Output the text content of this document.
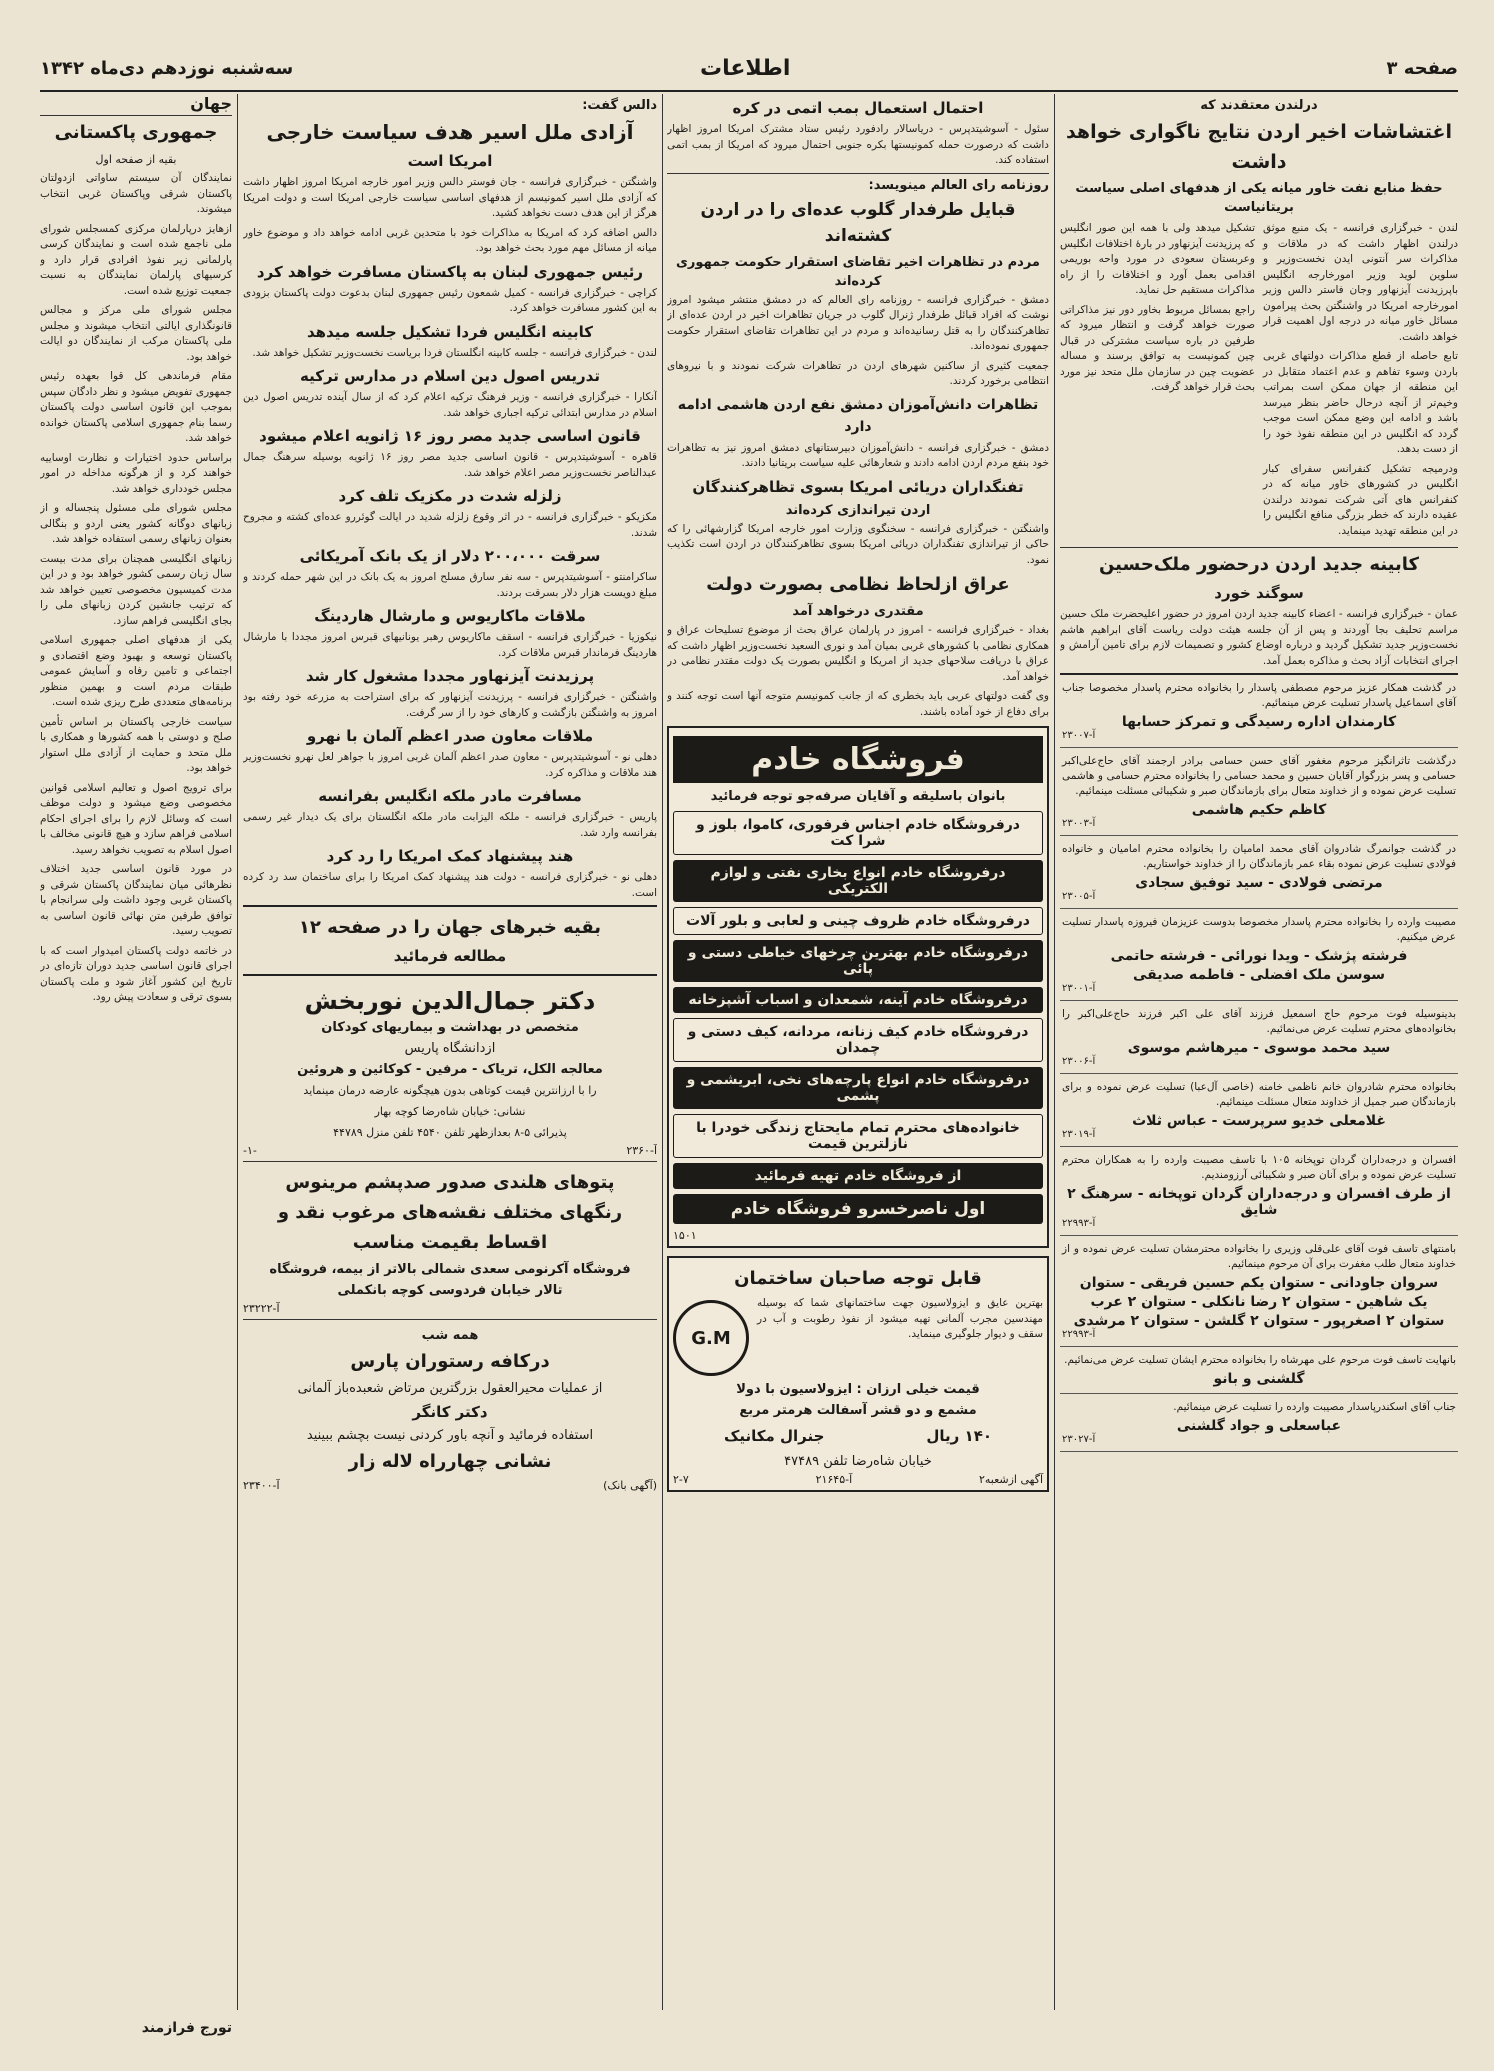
سه‌شنبه نوزدهم دی‌ماه ۱۳۴۲	اطلاعات	صفحه ۳
درلندن معتقدند که
اغتشاشات اخیر اردن نتایج ناگواری خواهد داشت
حفظ منابع نفت خاور میانه یکی از هدفهای اصلی سیاست بریتانیاست

لندن - خبرگزاری فرانسه - یک منبع موثق درلندن اظهار داشت که در ملاقات و مذاکرات سر آنتونی ایدن نخست‌وزیر و سلوین لوید وزیر امورخارجه انگلیس باپرزیدنت آیزنهاور وجان فاستر دالس وزیر امورخارجه امریکا در واشنگتن بحث پیرامون مسائل خاور میانه در درجه اول اهمیت قرار خواهد داشت.

تابع حاصله از قطع مذاکرات دولتهای غربی باردن وسوء تفاهم و عدم اعتماد متقابل در این منطقه از جهان ممکن است بمراتب وخیم‌تر از آنچه درحال حاضر بنظر میرسد باشد و ادامه این وضع ممکن است موجب گردد که انگلیس در این منطقه نفوذ خود را از دست بدهد.

ودرمیجه تشکیل کنفرانس سفرای کبار انگلیس در کشورهای خاور میانه که در کنفرانس های آتی شرکت نمودند درلندن عقیده دارند که خطر بزرگی منافع انگلیس را در این منطقه تهدید مینماید.

تشکیل میدهد ولی با همه این صور انگلیس که پرزیدنت آیزنهاور در بارهٔ اختلافات انگلیس وعربستان سعودی در مورد واحه بوریمی اقدامی بعمل آورد و اختلافات را از راه مذاکرات مستقیم حل نماید.

راجع بمسائل مربوط بخاور دور نیز مذاکراتی صورت خواهد گرفت و انتظار میرود که طرفین در باره سیاست مشترکی در قبال چین کمونیست به توافق برسند و مساله عضویت چین در سازمان ملل متحد نیز مورد بحث قرار خواهد گرفت.

کابینه جدید اردن درحضور ملک‌حسین
سوگند خورد

عمان - خبرگزاری فرانسه - اعضاء کابینه جدید اردن امروز در حضور اعلیحضرت ملک حسین مراسم تحلیف بجا آوردند و پس از آن جلسه هیئت دولت ریاست آقای ابراهیم هاشم نخست‌وزیر جدید تشکیل گردید و درباره اوضاع کشور و تصمیمات لازم برای تامین آرامش و اجرای انتخابات آزاد بحث و مذاکره بعمل آمد.

در گذشت همکار عزیز مرحوم مصطفی پاسدار را بخانواده محترم پاسدار مخصوصا جناب آقای اسماعیل پاسدار تسلیت عرض مینمائیم.
کارمندان اداره رسیدگی و تمرکز حسابها
آ-۲۳۰۰۷
درگذشت تاثرانگیز مرحوم مغفور آقای حسن حسامی برادر ارجمند آقای حاج‌علی‌اکبر حسامی و پسر بزرگوار آقایان حسین و محمد حسامی را بخانواده محترم حسامی و هاشمی تسلیت عرض نموده و از خداوند متعال برای بازماندگان صبر و شکیبائی مسئلت مینمائیم.
کاظم حکیم هاشمی
آ-۲۳۰۰۳
در گذشت جوانمرگ شادروان آقای محمد امامیان را بخانواده محترم امامیان و خانواده فولادی تسلیت عرض نموده بقاء عمر بازماندگان را از خداوند خواستاریم.
مرتضی فولادی - سید توفیق سجادی
آ-۲۳۰۰۵
مصیبت وارده را بخانواده محترم پاسدار مخصوصا بدوست عزیزمان فیروزه پاسدار تسلیت عرض میکنیم.
فرشته پژشک - ویدا نورائی - فرشته حاتمی
سوسن ملک افضلی - فاطمه صدیقی
آ-۲۳۰۰۱
بدینوسیله فوت مرحوم حاج اسمعیل فرزند آقای علی اکبر فرزند حاج‌علی‌اکبر را بخانواده‌های محترم تسلیت عرض می‌نمائیم.
سید محمد موسوی - میرهاشم موسوی
آ-۲۳۰۰۶
بخانواده محترم شادروان خانم ناظمی خامنه (خاصی آل‌عبا) تسلیت عرض نموده و برای بازماندگان صبر جمیل از خداوند متعال مسئلت مینمائیم.
غلامعلی خدیو سرپرست - عباس ثلاث
آ-۲۳۰۱۹
افسران و درجه‌داران گردان توپخانه ۱۰۵ با تاسف مصیبت وارده را به همکاران محترم تسلیت عرض نموده و برای آنان صبر و شکیبائی آرزومندیم.
از طرف افسران و درجه‌داران گردان توپخانه - سرهنگ ۲ شایق
آ-۲۲۹۹۳
بامنتهای تاسف فوت آقای علی‌قلی وزیری را بخانواده محترمشان تسلیت عرض نموده و از خداوند متعال طلب مغفرت برای آن مرحوم مینمائیم.
سروان جاودانی - ستوان یکم حسین فریقی - ستوان
یک شاهین - ستوان ۲ رضا نانکلی - ستوان ۲ عرب
ستوان ۲ اصغرپور - ستوان ۲ گلشن - ستوان ۲ مرشدی
آ-۲۲۹۹۳
بانهایت تاسف فوت مرحوم علی مهرشاه را بخانواده محترم ایشان تسلیت عرض می‌نمائیم.
گلشنی و بانو
جناب آقای اسکندرپاسدار مصیبت وارده را تسلیت عرض مینمائیم.
عباسعلی و جواد گلشنی
آ-۲۳۰۲۷
احتمال استعمال بمب اتمی در کره

سئول - آسوشیتدپرس - دریاسالار رادفورد رئیس ستاد مشترک امریکا امروز اظهار داشت که درصورت حمله کمونیستها بکره جنوبی احتمال میرود که امریکا از بمب اتمی استفاده کند.

روزنامه رای العالم مینویسد:
قبایل طرفدار گلوب عده‌ای را در اردن کشته‌اند
مردم در تظاهرات اخیر تقاضای استقرار حکومت جمهوری کرده‌اند

دمشق - خبرگزاری فرانسه - روزنامه رای العالم که در دمشق منتشر میشود امروز نوشت که افراد قبائل طرفدار ژنرال گلوب در جریان تظاهرات اخیر در اردن عده‌ای از تظاهرکنندگان را به قتل رسانیده‌اند و مردم در این تظاهرات تقاضای استقرار حکومت جمهوری نموده‌اند.

جمعیت کثیری از ساکنین شهرهای اردن در تظاهرات شرکت نمودند و با نیروهای انتظامی برخورد کردند.

تظاهرات دانش‌آموزان دمشق نفع اردن هاشمی ادامه دارد

دمشق - خبرگزاری فرانسه - دانش‌آموزان دبیرستانهای دمشق امروز نیز به تظاهرات خود بنفع مردم اردن ادامه دادند و شعارهائی علیه سیاست بریتانیا دادند.

تفنگداران دریائی امریکا بسوی تظاهرکنندگان
اردن تیراندازی کرده‌اند

واشنگتن - خبرگزاری فرانسه - سخنگوی وزارت امور خارجه امریکا گزارشهائی را که حاکی از تیراندازی تفنگداران دریائی امریکا بسوی تظاهرکنندگان در اردن است تکذیب نمود.

عراق ازلحاظ نظامی بصورت دولت
مقتدری درخواهد آمد

بغداد - خبرگزاری فرانسه - امروز در پارلمان عراق بحث از موضوع تسلیحات عراق و همکاری نظامی با کشورهای غربی بمیان آمد و نوری السعید نخست‌وزیر اظهار داشت که عراق با دریافت سلاحهای جدید از امریکا و انگلیس بصورت یک دولت مقتدر نظامی در خواهد آمد.

وی گفت دولتهای عربی باید بخطری که از جانب کمونیسم متوجه آنها است توجه کنند و برای دفاع از خود آماده باشند.

فروشگاه خادم
بانوان باسلیقه و آقایان صرفه‌جو توجه فرمائید
درفروشگاه خادم اجناس فرفوری، کاموا، بلوز و شرا کت
درفروشگاه خادم انواع بخاری نفتی و لوازم الکتریکی
درفروشگاه خادم ظروف چینی و لعابی و بلور آلات
درفروشگاه خادم بهترین چرخهای خیاطی دستی و پائی
درفروشگاه خادم آینه، شمعدان و اسباب آشپزخانه
درفروشگاه خادم کیف زنانه، مردانه، کیف دستی و چمدان
درفروشگاه خادم انواع پارچه‌های نخی، ابریشمی و پشمی
خانواده‌های محترم تمام مایحتاج زندگی خودرا با نازلترین قیمت
از فروشگاه خادم تهیه فرمائید
اول ناصرخسرو فروشگاه خادم
۱۵۰۱
قابل توجه صاحبان ساختمان
G.M

بهترین عایق و ایزولاسیون جهت ساختمانهای شما که بوسیله مهندسین مجرب آلمانی تهیه میشود از نفوذ رطوبت و آب در سقف و دیوار جلوگیری مینماید.

قیمت خیلی ارزان : ایزولاسیون با دولا
مشمع و دو قشر آسفالت هرمتر مربع
۱۴۰ ریال
جنرال مکانیک
خیابان شاه‌رضا تلفن ۴۷۴۸۹
آگهی ازشعبه۲
آ-۲۱۶۴۵
۲-۷
دالس گفت:
آزادی ملل اسیر هدف سیاست خارجی
امریکا است

واشنگتن - خبرگزاری فرانسه - جان فوستر دالس وزیر امور خارجه امریکا امروز اظهار داشت که آزادی ملل اسیر کمونیسم از هدفهای اساسی سیاست خارجی امریکا است و دولت امریکا هرگز از این هدف دست نخواهد کشید.

دالس اضافه کرد که امریکا به مذاکرات خود با متحدین غربی ادامه خواهد داد و موضوع خاور میانه از مسائل مهم مورد بحث خواهد بود.

رئیس جمهوری لبنان به پاکستان مسافرت خواهد کرد

کراچی - خبرگزاری فرانسه - کمیل شمعون رئیس جمهوری لبنان بدعوت دولت پاکستان بزودی به این کشور مسافرت خواهد کرد.

کابینه انگلیس فردا تشکیل جلسه میدهد

لندن - خبرگزاری فرانسه - جلسه کابینه انگلستان فردا بریاست نخست‌وزیر تشکیل خواهد شد.

تدریس اصول دین اسلام در مدارس ترکیه

آنکارا - خبرگزاری فرانسه - وزیر فرهنگ ترکیه اعلام کرد که از سال آینده تدریس اصول دین اسلام در مدارس ابتدائی ترکیه اجباری خواهد شد.

قانون اساسی جدید مصر روز ۱۶ ژانویه اعلام میشود

قاهره - آسوشیتدپرس - قانون اساسی جدید مصر روز ۱۶ ژانویه بوسیله سرهنگ جمال عبدالناصر نخست‌وزیر مصر اعلام خواهد شد.

زلزله شدت در مکزیک تلف کرد

مکزیکو - خبرگزاری فرانسه - در اثر وقوع زلزله شدید در ایالت گوئررو عده‌ای کشته و مجروح شدند.

سرقت ۲۰۰،۰۰۰ دلار از یک بانک آمریکائی

ساکرامنتو - آسوشیتدپرس - سه نفر سارق مسلح امروز به یک بانک در این شهر حمله کردند و مبلغ دویست هزار دلار بسرقت بردند.

ملاقات ماکاریوس و مارشال هاردینگ

نیکوزیا - خبرگزاری فرانسه - اسقف ماکاریوس رهبر یونانیهای قبرس امروز مجددا با مارشال هاردینگ فرماندار قبرس ملاقات کرد.

پرزیدنت آیزنهاور مجددا مشغول کار شد

واشنگتن - خبرگزاری فرانسه - پرزیدنت آیزنهاور که برای استراحت به مزرعه خود رفته بود امروز به واشنگتن بازگشت و کارهای خود را از سر گرفت.

ملاقات معاون صدر اعظم آلمان با نهرو

دهلی نو - آسوشیتدپرس - معاون صدر اعظم آلمان غربی امروز با جواهر لعل نهرو نخست‌وزیر هند ملاقات و مذاکره کرد.

مسافرت مادر ملکه انگلیس بفرانسه

پاریس - خبرگزاری فرانسه - ملکه الیزابت مادر ملکه انگلستان برای یک دیدار غیر رسمی بفرانسه وارد شد.

هند پیشنهاد کمک امریکا را رد کرد

دهلی نو - خبرگزاری فرانسه - دولت هند پیشنهاد کمک امریکا را برای ساختمان سد رد کرده است.

بقیه خبرهای جهان را در صفحه ۱۲
مطالعه فرمائید
دکتر جمال‌الدین نوربخش
متخصص در بهداشت و بیماریهای کودکان
ازدانشگاه پاریس
معالجه الکل، تریاک - مرفین - کوکائین و هروئین
را با ارزانترین قیمت کوتاهی بدون هیچگونه عارضه درمان مینماید
نشانی: خیابان شاه‌رضا کوچه بهار
پذیرائی ۵-۸ بعدازظهر تلفن ۴۵۴۰ تلفن منزل ۴۴۷۸۹
آ-۲۳۶۰
-۱-
پتوهای هلندی صدور صدپشم مرینوس
رنگهای مختلف نقشه‌های مرغوب نقد و
اقساط بقیمت مناسب
فروشگاه آکرنومی سعدی شمالی بالاتر از بیمه، فروشگاه
تالار خیابان فردوسی کوچه بانکملی
آ-۲۳۲۲۲
همه شب
درکافه رستوران پارس
از عملیات محیرالعقول بزرگترین مرتاض شعبده‌باز آلمانی
دکتر کانگر
استفاده فرمائید و آنچه باور کردنی نیست بچشم ببینید
نشانی چهارراه لاله زار
(آگهی بانک)
آ-۲۳۴۰۰
جهان
جمهوری پاکستانی
بقیه از صفحه اول

نمایندگان آن سیستم ساواتی ازدولتان پاکستان شرقی وپاکستان غربی انتخاب میشوند.

ازهایز درپارلمان مرکزی کمسجلس شورای ملی ناجمع شده است و نمایندگان کرسی پارلمانی زیر نفوذ افرادی قرار دارد و کرسیهای پارلمان نمایندگان به نسبت جمعیت توزیع شده است.

مجلس شورای ملی مرکز و مجالس قانونگذاری ایالتی انتخاب میشوند و مجلس ملی پاکستان مرکب از نمایندگان دو ایالت خواهد بود.

مقام فرماندهی کل قوا بعهده رئیس جمهوری تفویض میشود و نظر دادگان سپس بموجب این قانون اساسی دولت پاکستان رسما بنام جمهوری اسلامی پاکستان خوانده خواهد شد.

براساس حدود اختیارات و نظارت اوساییه خواهند کرد و از هرگونه مداخله در امور مجلس خودداری خواهد شد.

مجلس شورای ملی مسئول پنجساله و از زبانهای دوگانه کشور یعنی اردو و بنگالی بعنوان زبانهای رسمی استفاده خواهد شد.

زبانهای انگلیسی همچنان برای مدت بیست سال زبان رسمی کشور خواهد بود و در این مدت کمیسیون مخصوصی تعیین خواهد شد که ترتیب جانشین کردن زبانهای ملی را بجای انگلیسی فراهم سازد.

یکی از هدفهای اصلی جمهوری اسلامی پاکستان توسعه و بهبود وضع اقتصادی و اجتماعی و تامین رفاه و آسایش عمومی طبقات مردم است و بهمین منظور برنامه‌های متعددی طرح ریزی شده است.

سیاست خارجی پاکستان بر اساس تأمین صلح و دوستی با همه کشورها و همکاری با ملل متحد و حمایت از آزادی ملل استوار خواهد بود.

برای ترویج اصول و تعالیم اسلامی قوانین مخصوصی وضع میشود و دولت موظف است که وسائل لازم را برای اجرای احکام اسلامی فراهم سازد و هیچ قانونی مخالف با اصول اسلام به تصویب نخواهد رسید.

در مورد قانون اساسی جدید اختلاف نظرهائی میان نمایندگان پاکستان شرقی و پاکستان غربی وجود داشت ولی سرانجام با توافق طرفین متن نهائی قانون اساسی به تصویب رسید.

در خاتمه دولت پاکستان امیدوار است که با اجرای قانون اساسی جدید دوران تازه‌ای در تاریخ این کشور آغاز شود و ملت پاکستان بسوی ترقی و سعادت پیش رود.

تورج فرازمند
